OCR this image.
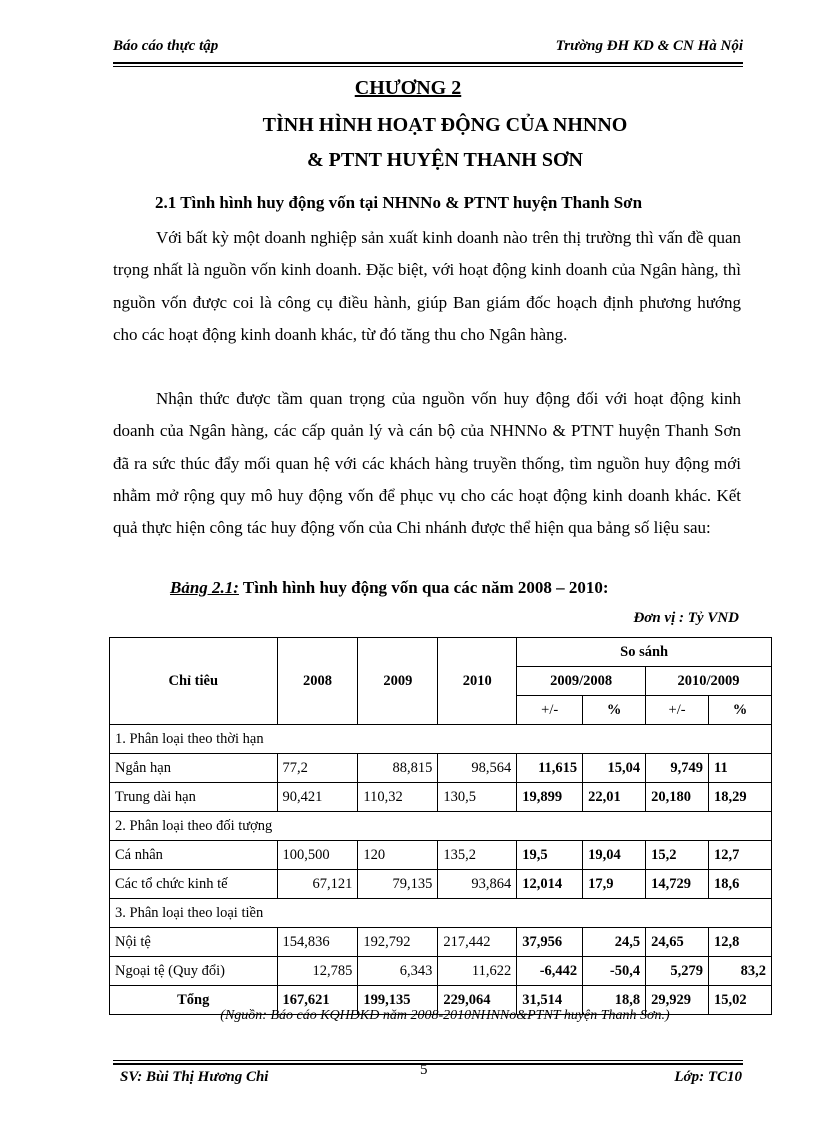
Báo cáo thực tập	Trường ĐH KD & CN Hà Nội
CHƯƠNG 2
TÌNH HÌNH HOẠT ĐỘNG CỦA NHNNO
& PTNT HUYỆN THANH SƠN
2.1 Tình hình huy động vốn tại NHNNo & PTNT huyện Thanh Sơn

Với bất kỳ một doanh nghiệp sản xuất kinh doanh nào trên thị trường thì vấn đề quan trọng nhất là nguồn vốn kinh doanh. Đặc biệt, với hoạt động kinh doanh của Ngân hàng, thì nguồn vốn được coi là công cụ điều hành, giúp Ban giám đốc hoạch định phương hướng cho các hoạt động kinh doanh khác, từ đó tăng thu cho Ngân hàng.

Nhận thức được tầm quan trọng của nguồn vốn huy động đối với hoạt động kinh doanh của Ngân hàng, các cấp quản lý và cán bộ của NHNNo & PTNT huyện Thanh Sơn đã ra sức thúc đẩy mối quan hệ với các khách hàng truyền thống, tìm nguồn huy động mới nhằm mở rộng quy mô huy động vốn để phục vụ cho các hoạt động kinh doanh khác. Kết quả thực hiện công tác huy động vốn của Chi nhánh được thể hiện qua bảng số liệu sau:

Bảng 2.1: Tình hình huy động vốn qua các năm 2008 – 2010:
Đơn vị : Tỷ VND
Chỉ tiêu	2008	2009	2010	So sánh			
				2009/2008		2010/2009	
				+/-	%	+/-	%
1. Phân loại theo thời hạn							
Ngắn hạn	77,2	88,815	98,564	11,615	15,04	9,749	11
Trung dài hạn	90,421	110,32	130,5	19,899	22,01	20,180	18,29
2. Phân loại theo đối tượng							
Cá nhân	100,500	120	135,2	19,5	19,04	15,2	12,7
Các tổ chức kinh tế	67,121	79,135	93,864	12,014	17,9	14,729	18,6
3. Phân loại theo loại tiền							
Nội tệ	154,836	192,792	217,442	37,956	24,5	24,65	12,8
Ngoại tệ (Quy đổi)	12,785	6,343	11,622	-6,442	-50,4	5,279	83,2
Tổng	167,621	199,135	229,064	31,514	18,8	29,929	15,02
(Nguồn: Báo cáo KQHĐKD năm 2008-2010NHNNo&PTNT huyện Thanh Sơn.)
SV: Bùi Thị Hương Chi	5	Lớp: TC10
